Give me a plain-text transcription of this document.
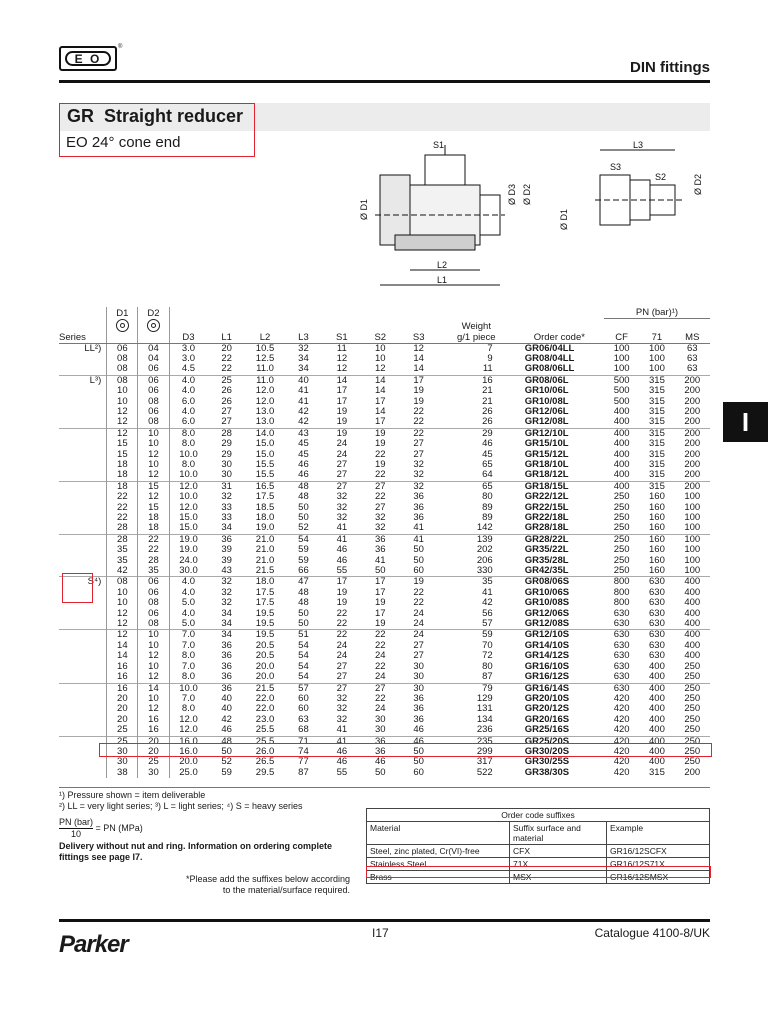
E O
®
DIN fittings
GR Straight reducer
EO 24° cone end
I
S1
Ø D1
Ø D3 Ø D2
L2
L1
L3
S3
S2	Ø D2
Ø D1
	D1	D2										PN (bar)¹)		
										Weight				
Series			D3	L1	L2	L3	S1	S2	S3	g/1 piece	Order code*	CF	71	MS
LL²)	06	04	3.0	20	10.5	32	11	10	12	7	GR06/04LL	100	100	63
	08	04	3.0	22	12.5	34	12	10	14	9	GR08/04LL	100	100	63
	08	06	4.5	22	11.0	34	12	12	14	11	GR08/06LL	100	100	63
L³)	08	06	4.0	25	11.0	40	14	14	17	16	GR08/06L	500	315	200
	10	06	4.0	26	12.0	41	17	14	19	21	GR10/06L	500	315	200
	10	08	6.0	26	12.0	41	17	17	19	21	GR10/08L	500	315	200
	12	06	4.0	27	13.0	42	19	14	22	26	GR12/06L	400	315	200
	12	08	6.0	27	13.0	42	19	17	22	26	GR12/08L	400	315	200
	12	10	8.0	28	14.0	43	19	19	22	29	GR12/10L	400	315	200
	15	10	8.0	29	15.0	45	24	19	27	46	GR15/10L	400	315	200
	15	12	10.0	29	15.0	45	24	22	27	45	GR15/12L	400	315	200
	18	10	8.0	30	15.5	46	27	19	32	65	GR18/10L	400	315	200
	18	12	10.0	30	15.5	46	27	22	32	64	GR18/12L	400	315	200
	18	15	12.0	31	16.5	48	27	27	32	65	GR18/15L	400	315	200
	22	12	10.0	32	17.5	48	32	22	36	80	GR22/12L	250	160	100
	22	15	12.0	33	18.5	50	32	27	36	89	GR22/15L	250	160	100
	22	18	15.0	33	18.0	50	32	32	36	89	GR22/18L	250	160	100
	28	18	15.0	34	19.0	52	41	32	41	142	GR28/18L	250	160	100
	28	22	19.0	36	21.0	54	41	36	41	139	GR28/22L	250	160	100
	35	22	19.0	39	21.0	59	46	36	50	202	GR35/22L	250	160	100
	35	28	24.0	39	21.0	59	46	41	50	206	GR35/28L	250	160	100
	42	35	30.0	43	21.5	66	55	50	60	330	GR42/35L	250	160	100
S⁴)	08	06	4.0	32	18.0	47	17	17	19	35	GR08/06S	800	630	400
	10	06	4.0	32	17.5	48	19	17	22	41	GR10/06S	800	630	400
	10	08	5.0	32	17.5	48	19	19	22	42	GR10/08S	800	630	400
	12	06	4.0	34	19.5	50	22	17	24	56	GR12/06S	630	630	400
	12	08	5.0	34	19.5	50	22	19	24	57	GR12/08S	630	630	400
	12	10	7.0	34	19.5	51	22	22	24	59	GR12/10S	630	630	400
	14	10	7.0	36	20.5	54	24	22	27	70	GR14/10S	630	630	400
	14	12	8.0	36	20.5	54	24	24	27	72	GR14/12S	630	630	400
	16	10	7.0	36	20.0	54	27	22	30	80	GR16/10S	630	400	250
	16	12	8.0	36	20.0	54	27	24	30	87	GR16/12S	630	400	250
	16	14	10.0	36	21.5	57	27	27	30	79	GR16/14S	630	400	250
	20	10	7.0	40	22.0	60	32	22	36	129	GR20/10S	420	400	250
	20	12	8.0	40	22.0	60	32	24	36	131	GR20/12S	420	400	250
	20	16	12.0	42	23.0	63	32	30	36	134	GR20/16S	420	400	250
	25	16	12.0	46	25.5	68	41	30	46	236	GR25/16S	420	400	250
	25	20	16.0	48	25.5	71	41	36	46	235	GR25/20S	420	400	250
	30	20	16.0	50	26.0	74	46	36	50	299	GR30/20S	420	400	250
	30	25	20.0	52	26.5	77	46	46	50	317	GR30/25S	420	400	250
	38	30	25.0	59	29.5	87	55	50	60	522	GR38/30S	420	315	200
¹) Pressure shown = item deliverable
²) LL = very light series; ³) L = light series; ⁴) S = heavy series
PN (bar)
10
= PN (MPa)
Delivery without nut and ring. Information on ordering complete fittings see page I7.
*Please add the suffixes below according
to the material/surface required.
Order code suffixes		
Material	Suffix surface and material	Example
Steel, zinc plated, Cr(VI)-free	CFX	GR16/12SCFX
Stainless Steel	71X	GR16/12S71X
Brass	MSX	GR16/12SMSX
Parker	I17	Catalogue 4100-8/UK
